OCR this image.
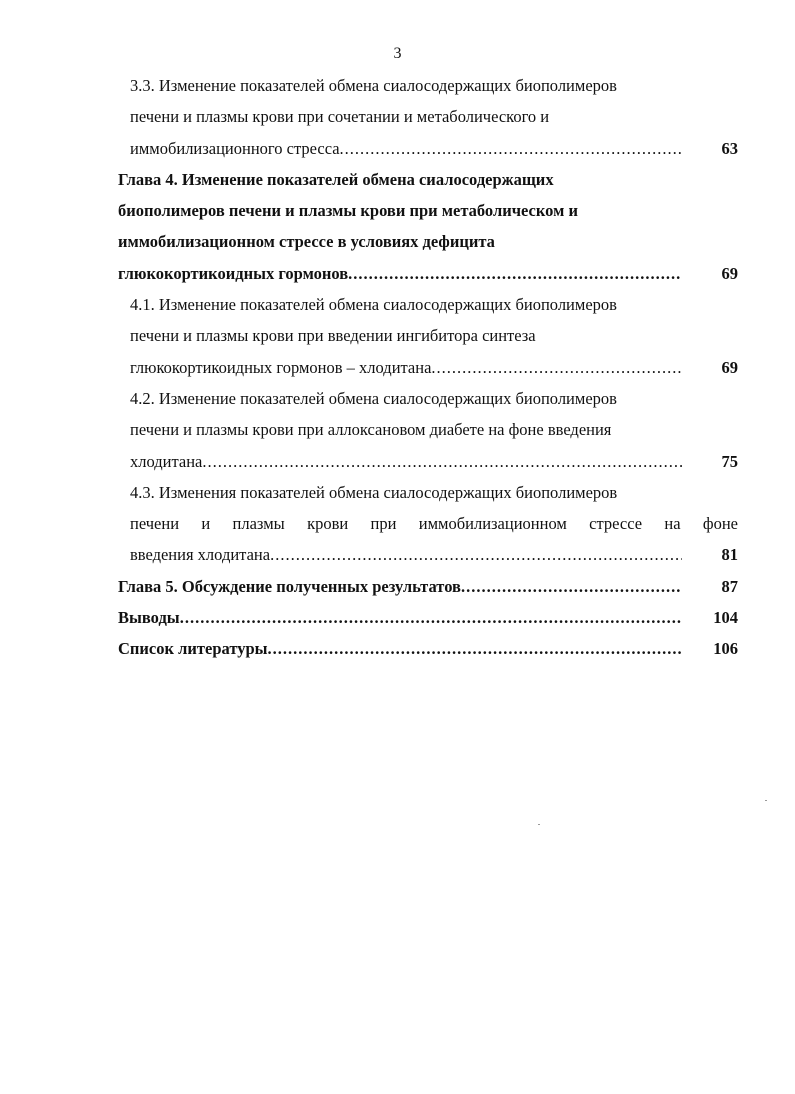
3
3.3. Изменение показателей обмена сиалосодержащих биополимеров
печени и плазмы крови при сочетании и метаболического и
иммобилизационного стресса .....	63
Глава 4. Изменение показателей обмена сиалосодержащих
биополимеров печени и плазмы крови при метаболическом и
иммобилизационном стрессе в условиях дефицита
глюкокортикоидных гормонов .....	69
4.1. Изменение показателей обмена сиалосодержащих биополимеров
печени и плазмы крови при введении ингибитора синтеза
глюкокортикоидных гормонов – хлодитана .....	69
4.2. Изменение показателей обмена сиалосодержащих биополимеров
печени и плазмы крови при аллоксановом диабете на фоне введения
хлодитана .....	75
4.3. Изменения показателей обмена сиалосодержащих биополимеров
печени и плазмы крови при иммобилизационном стрессе на фоне
введения хлодитана .....	81
Глава 5. Обсуждение полученных результатов .....	87
Выводы .....	104
Список литературы .....	106
